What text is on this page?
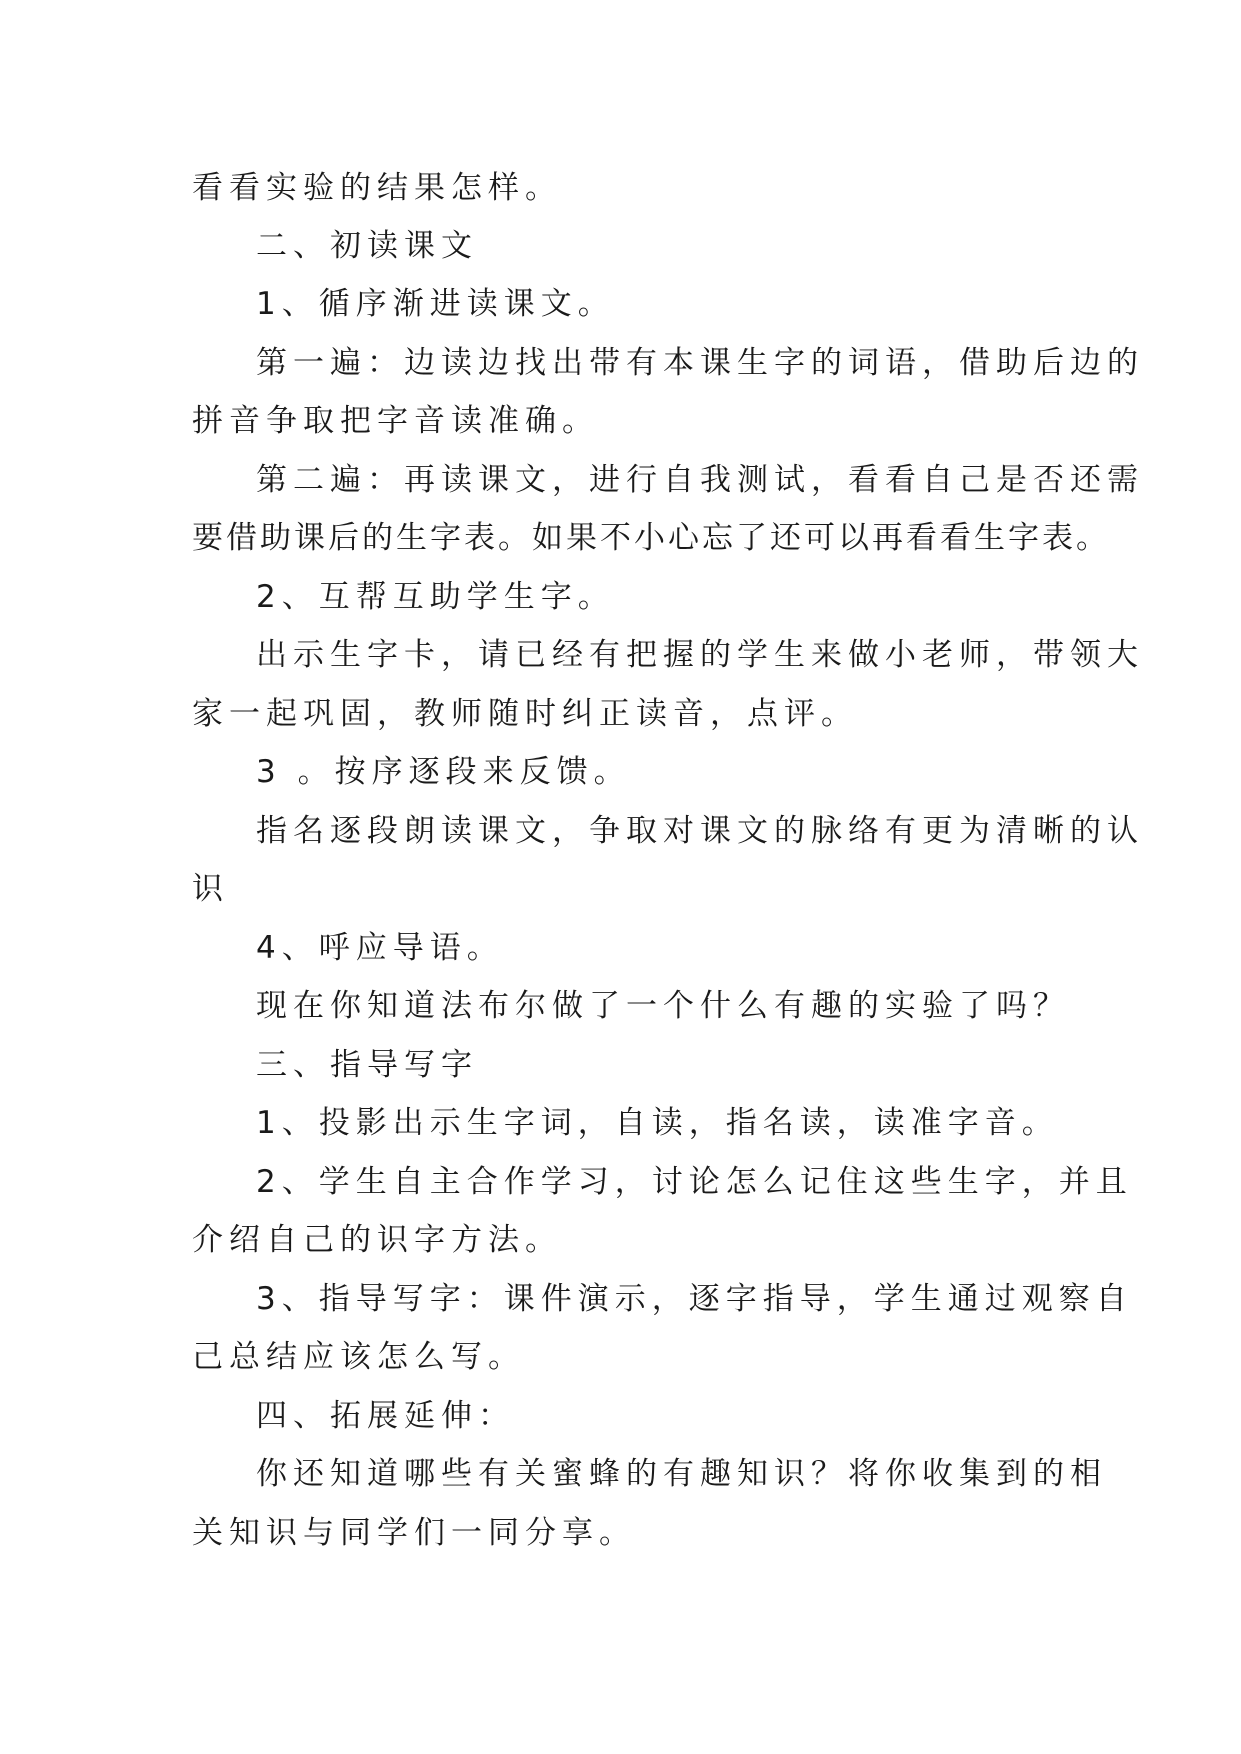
看看实验的结果怎样。
二、初读课文
1、循序渐进读课文。
第一遍：边读边找出带有本课生字的词语，借助后边的
拼音争取把字音读准确。
第二遍：再读课文，进行自我测试，看看自己是否还需
要借助课后的生字表。如果不小心忘了还可以再看看生字表。
2、互帮互助学生字。
出示生字卡，请已经有把握的学生来做小老师，带领大
家一起巩固，教师随时纠正读音，点评。
3 。按序逐段来反馈。
指名逐段朗读课文，争取对课文的脉络有更为清晰的认
识
4、呼应导语。
现在你知道法布尔做了一个什么有趣的实验了吗？
三、指导写字
1、投影出示生字词，自读，指名读，读准字音。
2、学生自主合作学习，讨论怎么记住这些生字，并且
介绍自己的识字方法。
3、指导写字：课件演示，逐字指导，学生通过观察自
己总结应该怎么写。
四、拓展延伸：
你还知道哪些有关蜜蜂的有趣知识？将你收集到的相
关知识与同学们一同分享。
